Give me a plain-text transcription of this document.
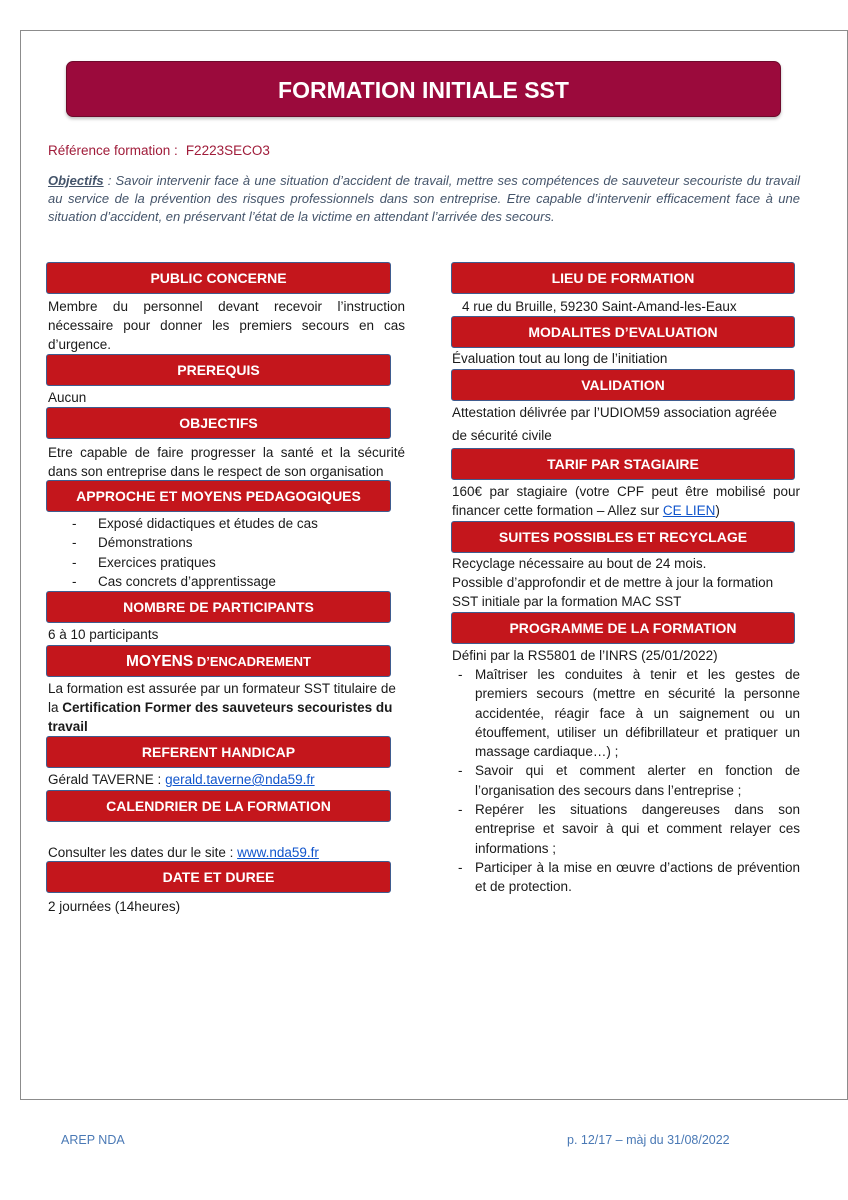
FORMATION INITIALE SST
Référence formation : F2223SECO3
Objectifs : Savoir intervenir face à une situation d’accident de travail, mettre ses compétences de sauveteur secouriste du travail au service de la prévention des risques professionnels dans son entreprise. Etre capable d’intervenir efficacement face à une situation d’accident, en préservant l’état de la victime en attendant l’arrivée des secours.
PUBLIC CONCERNE
Membre du personnel devant recevoir l’instruction nécessaire pour donner les premiers secours en cas d’urgence.
PREREQUIS
Aucun
OBJECTIFS
Etre capable de faire progresser la santé et la sécurité dans son entreprise dans le respect de son organisation
APPROCHE ET MOYENS PEDAGOGIQUES
- Exposé didactiques et études de cas
- Démonstrations
- Exercices pratiques
- Cas concrets d’apprentissage
NOMBRE DE PARTICIPANTS
6 à 10 participants
MOYENS D’ENCADREMENT
La formation est assurée par un formateur SST titulaire de la Certification Former des sauveteurs secouristes du travail
REFERENT HANDICAP
Gérald TAVERNE : gerald.taverne@nda59.fr
CALENDRIER DE LA FORMATION
Consulter les dates dur le site : www.nda59.fr
DATE ET DUREE
2 journées (14heures)
LIEU DE FORMATION
4 rue du Bruille, 59230 Saint-Amand-les-Eaux
MODALITES D’EVALUATION
Évaluation tout au long de l’initiation
VALIDATION
Attestation délivrée par l’UDIOM59 association agréée
de sécurité civile
TARIF PAR STAGIAIRE
160€ par stagiaire (votre CPF peut être mobilisé pour financer cette formation – Allez sur CE LIEN)
SUITES POSSIBLES ET RECYCLAGE
Recyclage nécessaire au bout de 24 mois.
Possible d’approfondir et de mettre à jour la formation SST initiale par la formation MAC SST
PROGRAMME DE LA FORMATION
Défini par la RS5801 de l’INRS (25/01/2022)
- Maîtriser les conduites à tenir et les gestes de premiers secours (mettre en sécurité la personne accidentée, réagir face à un saignement ou un étouffement, utiliser un défibrillateur et pratiquer un massage cardiaque…) ;
- Savoir qui et comment alerter en fonction de l’organisation des secours dans l’entreprise ;
- Repérer les situations dangereuses dans son entreprise et savoir à qui et comment relayer ces informations ;
- Participer à la mise en œuvre d’actions de prévention et de protection.
AREP NDA	p. 12/17 – màj du 31/08/2022
